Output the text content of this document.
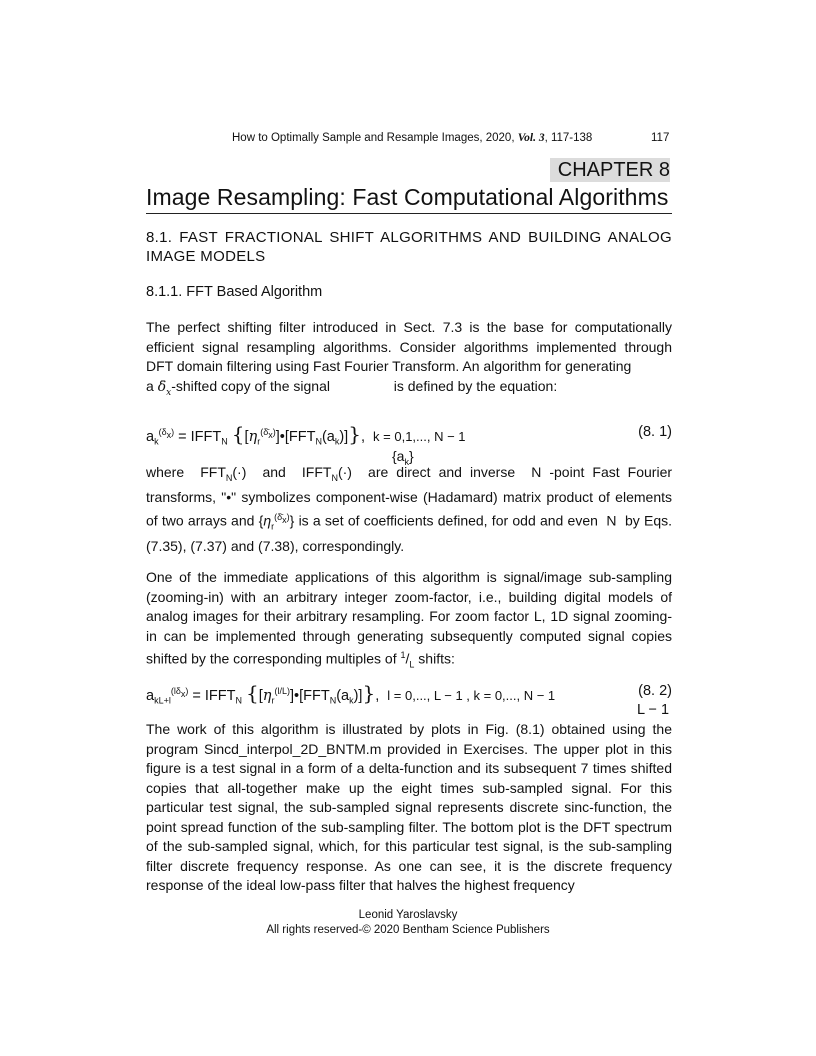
How to Optimally Sample and Resample Images, 2020, Vol. 3, 117-138	117
CHAPTER 8
Image Resampling: Fast Computational Algorithms
8.1. FAST FRACTIONAL SHIFT ALGORITHMS AND BUILDING ANALOG IMAGE MODELS
8.1.1. FFT Based Algorithm
The perfect shifting filter introduced in Sect. 7.3 is the base for computationally efficient signal resampling algorithms. Consider algorithms implemented through DFT domain filtering using Fast Fourier Transform. An algorithm for generating
a $\deltā_x$-shifted copy of the signal	is defined by the equation:
$a_k^{(\delta_x)}$ = $IFFT_N$ $\{[\eta_r^{(\deltā_x)}]•[FFT_N(a_k)]\}$,  k = 0,1,..., N − 1	(8. 1)
$\{a_k\}$
where  $FFT_N(\cdot)$  and  $IFFT_N(\cdot)$  are direct and inverse  N -point Fast Fourier transforms, "•" symbolizes component-wise (Hadamard) matrix product of elements of two arrays and $\{\eta_r^{(\deltā_x)}\}$ is a set of coefficients defined, for odd and even  N  by Eqs. (7.35), (7.37) and (7.38), correspondingly.
One of the immediate applications of this algorithm is signal/image sub-sampling (zooming-in) with an arbitrary integer zoom-factor, i.e., building digital models of analog images for their arbitrary resampling. For zoom factor L, 1D signal zooming-in can be implemented through generating subsequently computed signal copies shifted by the corresponding multiples of $^1/_L$ shifts:
$a_{kL+l}^{(l\delta_x)}$ = $IFFT_N$ $\{[\eta_r^{(l/L)}]•[FFT_N(a_k)]\}$,  l = 0,..., L − 1 , k = 0,..., N − 1	(8. 2)
L − 1
The work of this algorithm is illustrated by plots in Fig. (8.1) obtained using the program Sincd_interpol_2D_BNTM.m provided in Exercises. The upper plot in this figure is a test signal in a form of a delta-function and its subsequent 7 times shifted copies that all-together make up the eight times sub-sampled signal. For this particular test signal, the sub-sampled signal represents discrete sinc-function, the point spread function of the sub-sampling filter. The bottom plot is the DFT spectrum of the sub-sampled signal, which, for this particular test signal, is the sub-sampling filter discrete frequency response. As one can see, it is the discrete frequency response of the ideal low-pass filter that halves the highest frequency
Leonid Yaroslavsky
All rights reserved-© 2020 Bentham Science Publishers
